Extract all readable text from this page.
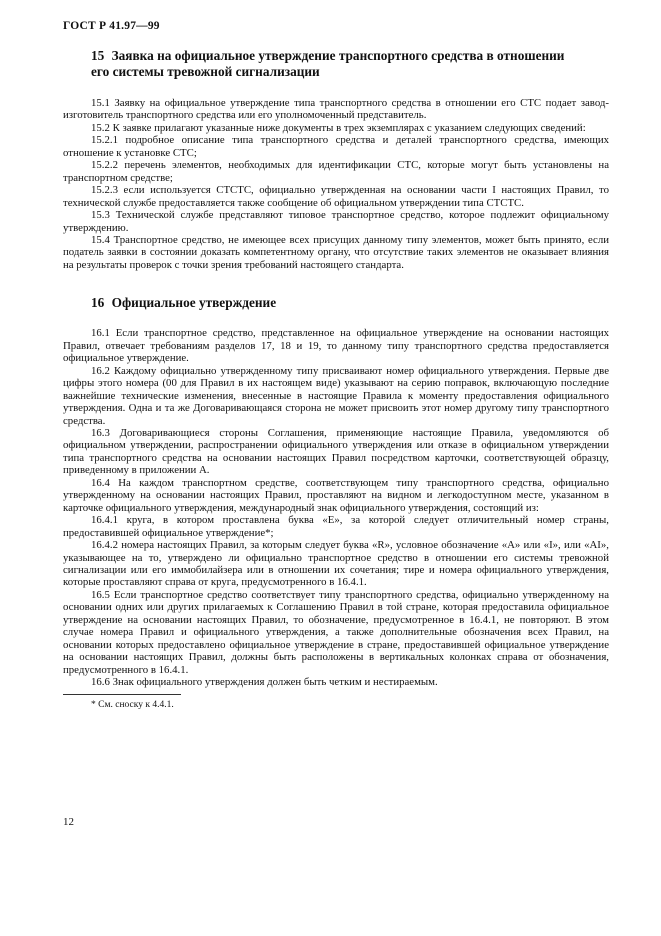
ГОСТ Р 41.97—99
15 Заявка на официальное утверждение транспортного средства в отношении
его системы тревожной сигнализации

15.1 Заявку на официальное утверждение типа транспортного средства в отношении его СТС подает завод-изготовитель транспортного средства или его уполномоченный представитель.

15.2 К заявке прилагают указанные ниже документы в трех экземплярах с указанием следующих сведений:

15.2.1 подробное описание типа транспортного средства и деталей транспортного средства, имеющих отношение к установке СТС;

15.2.2 перечень элементов, необходимых для идентификации СТС, которые могут быть установлены на транспортном средстве;

15.2.3 если используется СТСТС, официально утвержденная на основании части I настоящих Правил, то технической службе предоставляется также сообщение об официальном утверждении типа СТСТС.

15.3 Технической службе представляют типовое транспортное средство, которое подлежит официальному утверждению.

15.4 Транспортное средство, не имеющее всех присущих данному типу элементов, может быть принято, если податель заявки в состоянии доказать компетентному органу, что отсутствие таких элементов не оказывает влияния на результаты проверок с точки зрения требований настоящего стандарта.

16 Официальное утверждение

16.1 Если транспортное средство, представленное на официальное утверждение на основании настоящих Правил, отвечает требованиям разделов 17, 18 и 19, то данному типу транспортного средства предоставляется официальное утверждение.

16.2 Каждому официально утвержденному типу присваивают номер официального утверждения. Первые две цифры этого номера (00 для Правил в их настоящем виде) указывают на серию поправок, включающую последние важнейшие технические изменения, внесенные в настоящие Правила к моменту предоставления официального утверждения. Одна и та же Договаривающаяся сторона не может присвоить этот номер другому типу транспортного средства.

16.3 Договаривающиеся стороны Соглашения, применяющие настоящие Правила, уведомляются об официальном утверждении, распространении официального утверждения или отказе в официальном утверждении типа транспортного средства на основании настоящих Правил посредством карточки, соответствующей образцу, приведенному в приложении А.

16.4 На каждом транспортном средстве, соответствующем типу транспортного средства, официально утвержденному на основании настоящих Правил, проставляют на видном и легкодоступном месте, указанном в карточке официального утверждения, международный знак официального утверждения, состоящий из:

16.4.1 круга, в котором проставлена буква «Е», за которой следует отличительный номер страны, предоставившей официальное утверждение*;

16.4.2 номера настоящих Правил, за которым следует буква «R», условное обозначение «А» или «I», или «AI», указывающее на то, утверждено ли официально транспортное средство в отношении его системы тревожной сигнализации или его иммобилайзера или в отношении их сочетания; тире и номера официального утверждения, которые проставляют справа от круга, предусмотренного в 16.4.1.

16.5 Если транспортное средство соответствует типу транспортного средства, официально утвержденному на основании одних или других прилагаемых к Соглашению Правил в той стране, которая предоставила официальное утверждение на основании настоящих Правил, то обозначение, предусмотренное в 16.4.1, не повторяют. В этом случае номера Правил и официального утверждения, а также дополнительные обозначения всех Правил, на основании которых предоставлено официальное утверждение в стране, предоставившей официальное утверждение на основании настоящих Правил, должны быть расположены в вертикальных колонках справа от обозначения, предусмотренного в 16.4.1.

16.6 Знак официального утверждения должен быть четким и нестираемым.

* См. сноску к 4.4.1.

12
